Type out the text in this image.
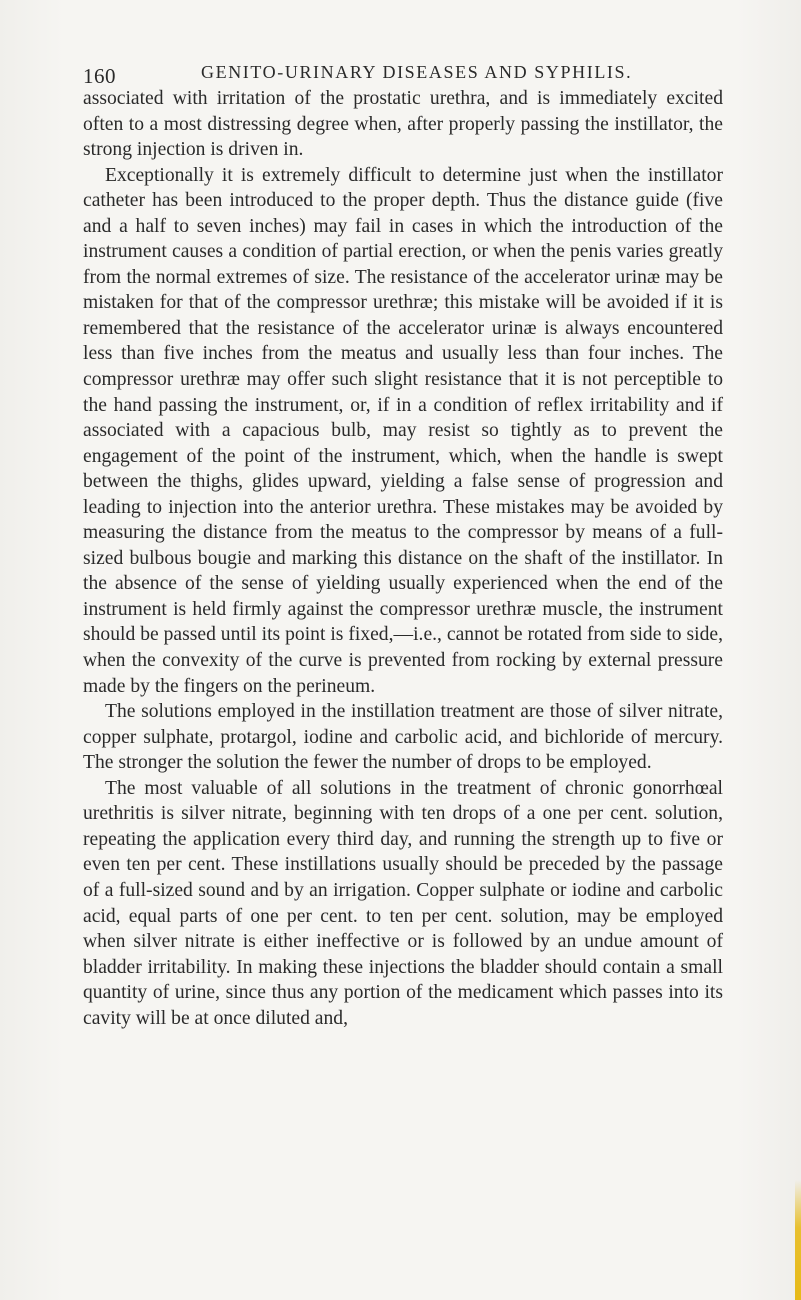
160	GENITO-URINARY DISEASES AND SYPHILIS.

associated with irritation of the prostatic urethra, and is immediately excited often to a most distressing degree when, after properly passing the instillator, the strong injection is driven in.

Exceptionally it is extremely difficult to determine just when the instillator catheter has been introduced to the proper depth. Thus the distance guide (five and a half to seven inches) may fail in cases in which the introduction of the instrument causes a condition of partial erection, or when the penis varies greatly from the normal extremes of size. The resistance of the accelerator urinæ may be mistaken for that of the compressor urethræ; this mistake will be avoided if it is remembered that the resistance of the accelerator urinæ is always encountered less than five inches from the meatus and usually less than four inches. The compressor urethræ may offer such slight resistance that it is not perceptible to the hand passing the instrument, or, if in a condition of reflex irritability and if associated with a capacious bulb, may resist so tightly as to prevent the engagement of the point of the instrument, which, when the handle is swept between the thighs, glides upward, yielding a false sense of progression and leading to injection into the anterior urethra. These mistakes may be avoided by measuring the distance from the meatus to the compressor by means of a full-sized bulbous bougie and marking this distance on the shaft of the instillator. In the absence of the sense of yielding usually experienced when the end of the instrument is held firmly against the compressor urethræ muscle, the instrument should be passed until its point is fixed,—i.e., cannot be rotated from side to side, when the convexity of the curve is prevented from rocking by external pressure made by the fingers on the perineum.

The solutions employed in the instillation treatment are those of silver nitrate, copper sulphate, protargol, iodine and carbolic acid, and bichloride of mercury. The stronger the solution the fewer the number of drops to be employed.

The most valuable of all solutions in the treatment of chronic gonorrhœal urethritis is silver nitrate, beginning with ten drops of a one per cent. solution, repeating the application every third day, and running the strength up to five or even ten per cent. These instillations usually should be preceded by the passage of a full-sized sound and by an irrigation. Copper sulphate or iodine and carbolic acid, equal parts of one per cent. to ten per cent. solution, may be employed when silver nitrate is either ineffective or is followed by an undue amount of bladder irritability. In making these injections the bladder should contain a small quantity of urine, since thus any portion of the medicament which passes into its cavity will be at once diluted and,
